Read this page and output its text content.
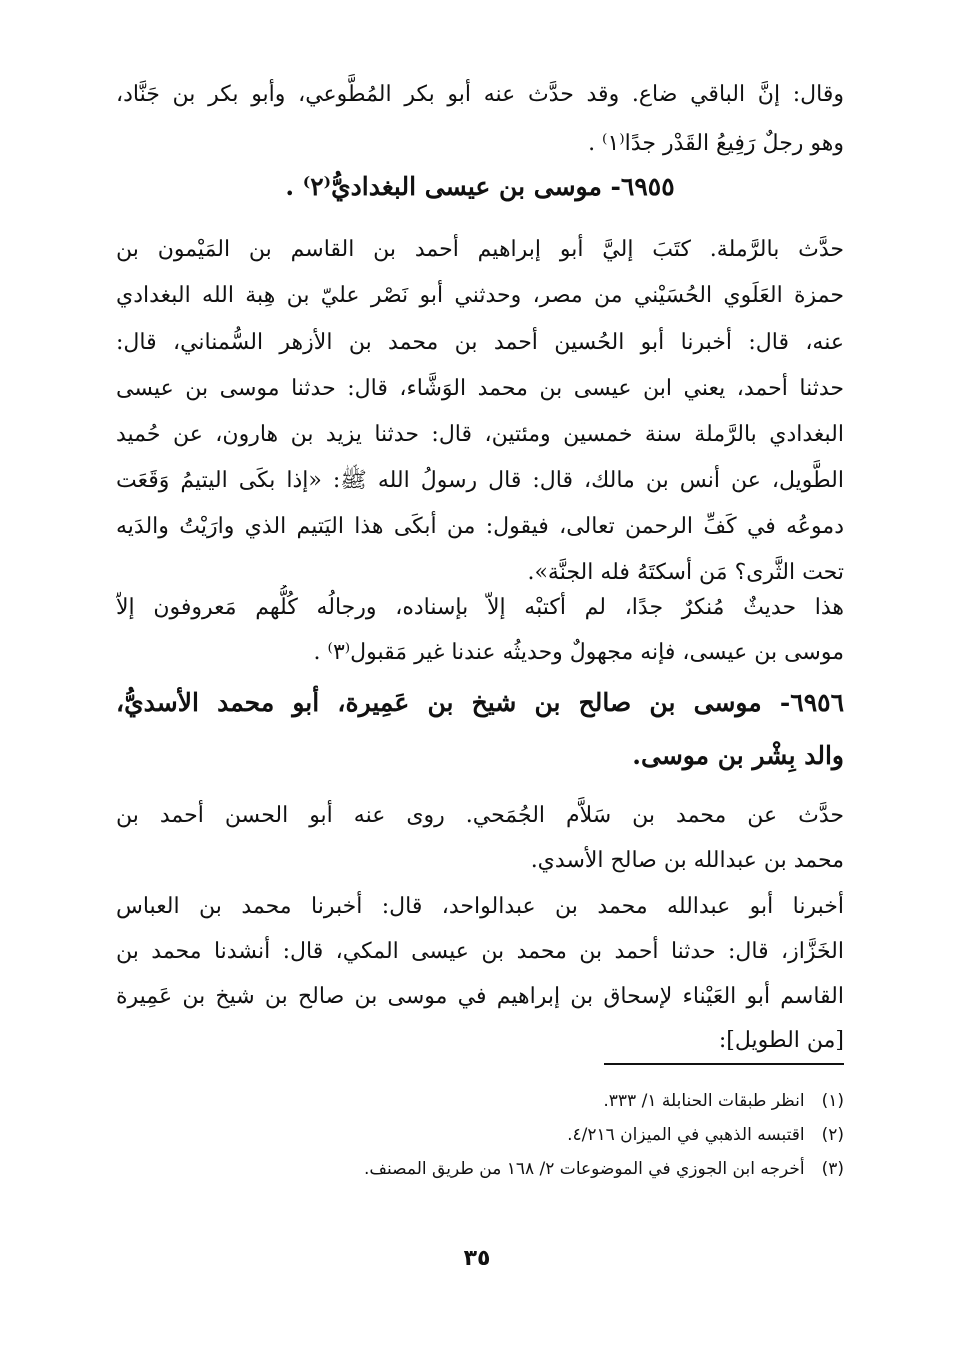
وقال: إنَّ الباقي ضاع. وقد حدَّث عنه أبو بكر المُطَّوعي، وأبو بكر بن جَنَّاد،
وهو رجلٌ رَفِيعُ القَدْر جدًا⁽١⁾ .
٦٩٥٥- موسى بن عيسى البغداديُّ⁽٢⁾ .
حدَّث بالرَّملة. كتَبَ إليَّ أبو إبراهيم أحمد بن القاسم بن المَيْمون بن
حمزة العَلَوي الحُسَيْني من مصر، وحدثني أبو نَصْر عليّ بن هِبة الله البغدادي
عنه، قال: أخبرنا أبو الحُسين أحمد بن محمد بن الأزهر السُّمناني، قال:
حدثنا أحمد، يعني ابن عيسى بن محمد الوَشَّاء، قال: حدثنا موسى بن عيسى
البغدادي بالرَّملة سنة خمسين ومئتين، قال: حدثنا يزيد بن هارون، عن حُميد
الطَّويل، عن أنس بن مالك، قال: قال رسولُ الله ﷺ: «إذا بكَى اليتيمُ وَقَعَت
دموعُه في كَفِّ الرحمن تعالى، فيقول: من أبكَى هذا اليَتيم الذي وارَيْتُ والدَيه
تحت الثَّرى؟ مَن أسكتَهُ فله الجنَّة».
هذا حديثٌ مُنكرٌ جدًا، لم أكتبْه إلاّ بإسناده، ورجالُه كُلُّهم مَعروفون إلاّ
موسى بن عيسى، فإنه مجهولٌ وحديثُه عندنا غير مَقبول⁽٣⁾ .
٦٩٥٦- موسى بن صالح بن شيخ بن عَمِيرة، أبو محمد الأسديُّ،
والد بِشْر بن موسى.
حدَّث عن محمد بن سَلاَّم الجُمَحي. روى عنه أبو الحسن أحمد بن
محمد بن عبدالله بن صالح الأسدي.
أخبرنا أبو عبدالله محمد بن عبدالواحد، قال: أخبرنا محمد بن العباس
الخَزَّاز، قال: حدثنا أحمد بن محمد بن عيسى المكي، قال: أنشدنا محمد بن
القاسم أبو العَيْناء لإسحاق بن إبراهيم في موسى بن صالح بن شيخ بن عَمِيرة
[من الطويل]:
(١) انظر طبقات الحنابلة ١/ ٣٣٣.
(٢) اقتبسه الذهبي في الميزان ٤/٢١٦.
(٣) أخرجه ابن الجوزي في الموضوعات ٢/ ١٦٨ من طريق المصنف.
٣٥
